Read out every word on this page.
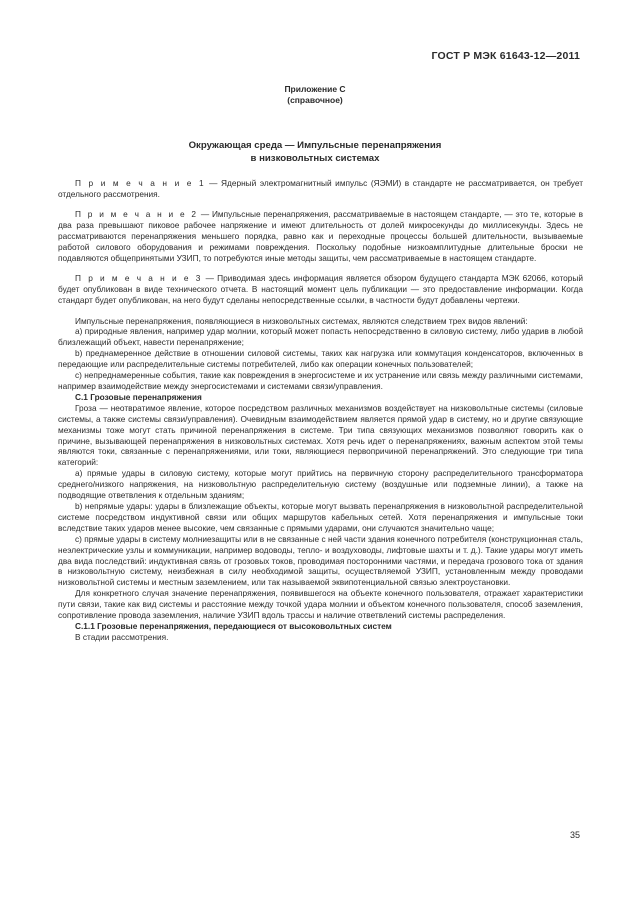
ГОСТ Р МЭК 61643-12—2011
Приложение С
(справочное)
Окружающая среда — Импульсные перенапряжения
в низковольтных системах

П р и м е ч а н и е 1 — Ядерный электромагнитный импульс (ЯЭМИ) в стандарте не рассматривается, он требует отдельного рассмотрения.

П р и м е ч а н и е 2 — Импульсные перенапряжения, рассматриваемые в настоящем стандарте, — это те, которые в два раза превышают пиковое рабочее напряжение и имеют длительность от долей микросекунды до миллисекунды. Здесь не рассматриваются перенапряжения меньшего порядка, равно как и переходные процессы большей длительности, вызываемые работой силового оборудования и режимами повреждения. Поскольку подобные низкоамплитудные длительные броски не подавляются общепринятыми УЗИП, то потребуются иные методы защиты, чем рассматриваемые в настоящем стандарте.

П р и м е ч а н и е 3 — Приводимая здесь информация является обзором будущего стандарта МЭК 62066, который будет опубликован в виде технического отчета. В настоящий момент цель публикации — это предоставление информации. Когда стандарт будет опубликован, на него будут сделаны непосредственные ссылки, в частности будут добавлены чертежи.

Импульсные перенапряжения, появляющиеся в низковольтных системах, являются следствием трех видов явлений:

а) природные явления, например удар молнии, который может попасть непосредственно в силовую систему, либо ударив в любой близлежащий объект, навести перенапряжение;

b) преднамеренное действие в отношении силовой системы, таких как нагрузка или коммутация конденсаторов, включенных в передающие или распределительные системы потребителей, либо как операции конечных пользователей;

с) непреднамеренные события, такие как повреждения в энергосистеме и их устранение или связь между различными системами, например взаимодействие между энергосистемами и системами связи/управления.

С.1 Грозовые перенапряжения

Гроза — неотвратимое явление, которое посредством различных механизмов воздействует на низковольтные системы (силовые системы, а также системы связи/управления). Очевидным взаимодействием является прямой удар в систему, но и другие связующие механизмы тоже могут стать причиной перенапряжения в системе. Три типа связующих механизмов позволяют говорить как о причине, вызывающей перенапряжения в низковольтных системах. Хотя речь идет о перенапряжениях, важным аспектом этой темы являются токи, связанные с перенапряжениями, или токи, являющиеся первопричиной перенапряжений. Это следующие три типа категорий:

а) прямые удары в силовую систему, которые могут прийтись на первичную сторону распределительного трансформатора среднего/низкого напряжения, на низковольтную распределительную систему (воздушные или подземные линии), а также на подводящие ответвления к отдельным зданиям;

b) непрямые удары: удары в близлежащие объекты, которые могут вызвать перенапряжения в низковольтной распределительной системе посредством индуктивной связи или общих маршрутов кабельных сетей. Хотя перенапряжения и импульсные токи вследствие таких ударов менее высокие, чем связанные с прямыми ударами, они случаются значительно чаще;

с) прямые удары в систему молниезащиты или в не связанные с ней части здания конечного потребителя (конструкционная сталь, неэлектрические узлы и коммуникации, например водоводы, тепло- и воздуховоды, лифтовые шахты и т. д.). Такие удары могут иметь два вида последствий: индуктивная связь от грозовых токов, проводимая посторонними частями, и передача грозового тока от здания в низковольтную систему, неизбежная в силу необходимой защиты, осуществляемой УЗИП, установленным между проводами низковольтной системы и местным заземлением, или так называемой эквипотенциальной связью электроустановки.

Для конкретного случая значение перенапряжения, появившегося на объекте конечного пользователя, отражает характеристики пути связи, такие как вид системы и расстояние между точкой удара молнии и объектом конечного пользователя, способ заземления, сопротивление провода заземления, наличие УЗИП вдоль трассы и наличие ответвлений системы распределения.

С.1.1 Грозовые перенапряжения, передающиеся от высоковольтных систем

В стадии рассмотрения.

35
